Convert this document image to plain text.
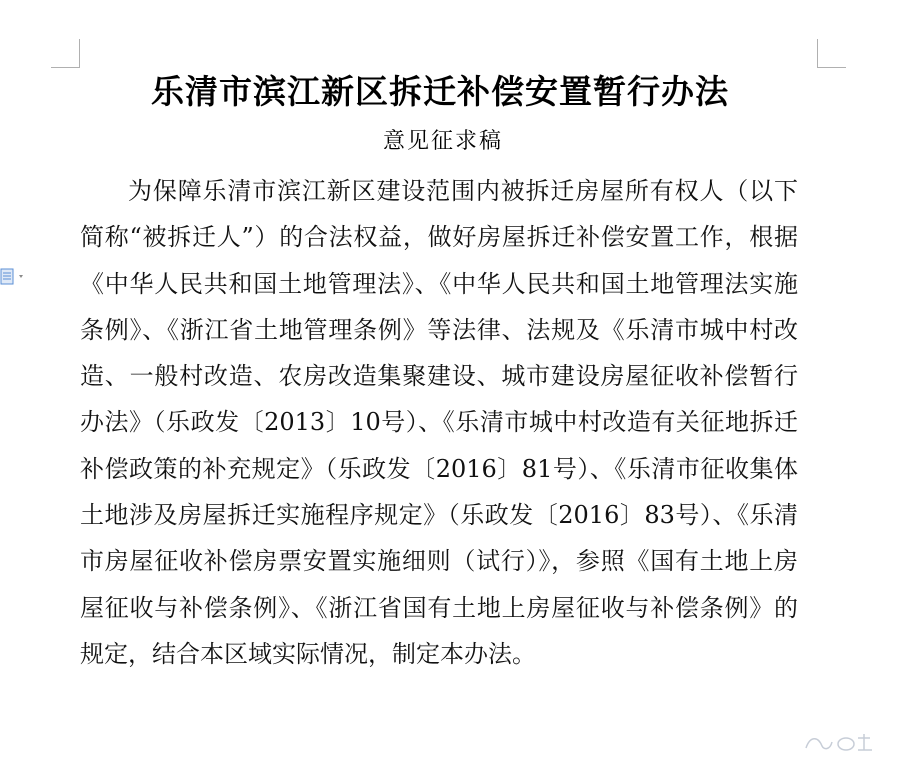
乐清市滨江新区拆迁补偿安置暂行办法
意见征求稿

为保障乐清市滨江新区建设范围内被拆迁房屋所有权人（以下简称“被拆迁人”）的合法权益，做好房屋拆迁补偿安置工作，根据《中华人民共和国土地管理法》、《中华人民共和国土地管理法实施条例》、《浙江省土地管理条例》等法律、法规及《乐清市城中村改造、一般村改造、农房改造集聚建设、城市建设房屋征收补偿暂行办法》（乐政发〔2013〕10号）、《乐清市城中村改造有关征地拆迁补偿政策的补充规定》（乐政发〔2016〕81号）、《乐清市征收集体土地涉及房屋拆迁实施程序规定》（乐政发〔2016〕83号）、《乐清市房屋征收补偿房票安置实施细则（试行）》，参照《国有土地上房屋征收与补偿条例》、《浙江省国有土地上房屋征收与补偿条例》的规定，结合本区域实际情况，制定本办法。
